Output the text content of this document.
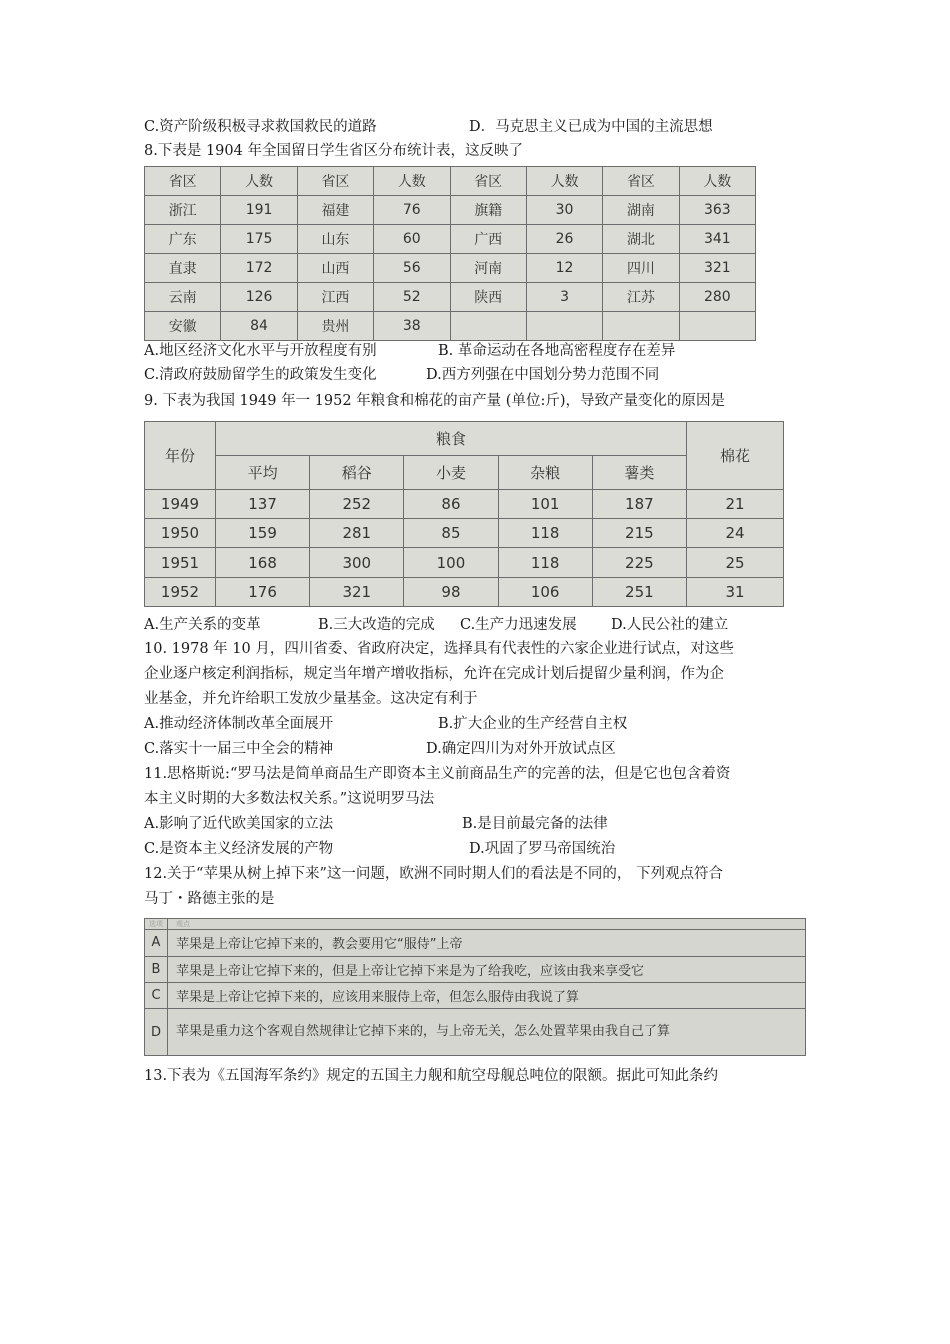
C.资产阶级积极寻求救国救民的道路	D．马克思主义已成为中国的主流思想
8.下表是 1904 年全国留日学生省区分布统计表，这反映了
省区	人数	省区	人数	省区	人数	省区	人数
浙江	191	福建	76	旗籍	30	湖南	363
广东	175	山东	60	广西	26	湖北	341
直隶	172	山西	56	河南	12	四川	321
云南	126	江西	52	陕西	3	江苏	280
安徽	84	贵州	38				
A.地区经济文化水平与开放程度有别	B. 革命运动在各地高密程度存在差异
C.清政府鼓励留学生的政策发生变化	D.西方列强在中国划分势力范围不同
9. 下表为我国 1949 年一 1952 年粮食和棉花的亩产量 (单位:斤)，导致产量变化的原因是
年份	粮食					棉花
	平均	稻谷	小麦	杂粮	薯类	
1949	137	252	86	101	187	21
1950	159	281	85	118	215	24
1951	168	300	100	118	225	25
1952	176	321	98	106	251	31
A.生产关系的变革	B.三大改造的完成 C.生产力迅速发展 D.人民公社的建立
10. 1978 年 10 月，四川省委、省政府决定，选择具有代表性的六家企业进行试点，对这些
企业逐户核定利润指标，规定当年增产增收指标，允许在完成计划后提留少量利润，作为企
业基金，并允许给职工发放少量基金。这决定有利于
A.推动经济体制改革全面展开	B.扩大企业的生产经营自主权
C.落实十一届三中全会的精神	D.确定四川为对外开放试点区
11.思格斯说:“罗马法是简单商品生产即资本主义前商品生产的完善的法，但是它也包含着资
本主义时期的大多数法权关系。”这说明罗马法
A.影响了近代欧美国家的立法	B.是目前最完备的法律
C.是资本主义经济发展的产物	D.巩固了罗马帝国统治
12.关于“苹果从树上掉下来”这一问题，欧洲不同时期人们的看法是不同的， 下列观点符合
马丁・路德主张的是
选项	观点
A	苹果是上帝让它掉下来的，教会要用它“服侍”上帝
B	苹果是上帝让它掉下来的，但是上帝让它掉下来是为了给我吃，应该由我来享受它
C	苹果是上帝让它掉下来的，应该用来服侍上帝，但怎么服侍由我说了算
D	苹果是重力这个客观自然规律让它掉下来的，与上帝无关，怎么处置苹果由我自己了算
13.下表为《五国海军条约》规定的五国主力舰和航空母舰总吨位的限额。据此可知此条约
